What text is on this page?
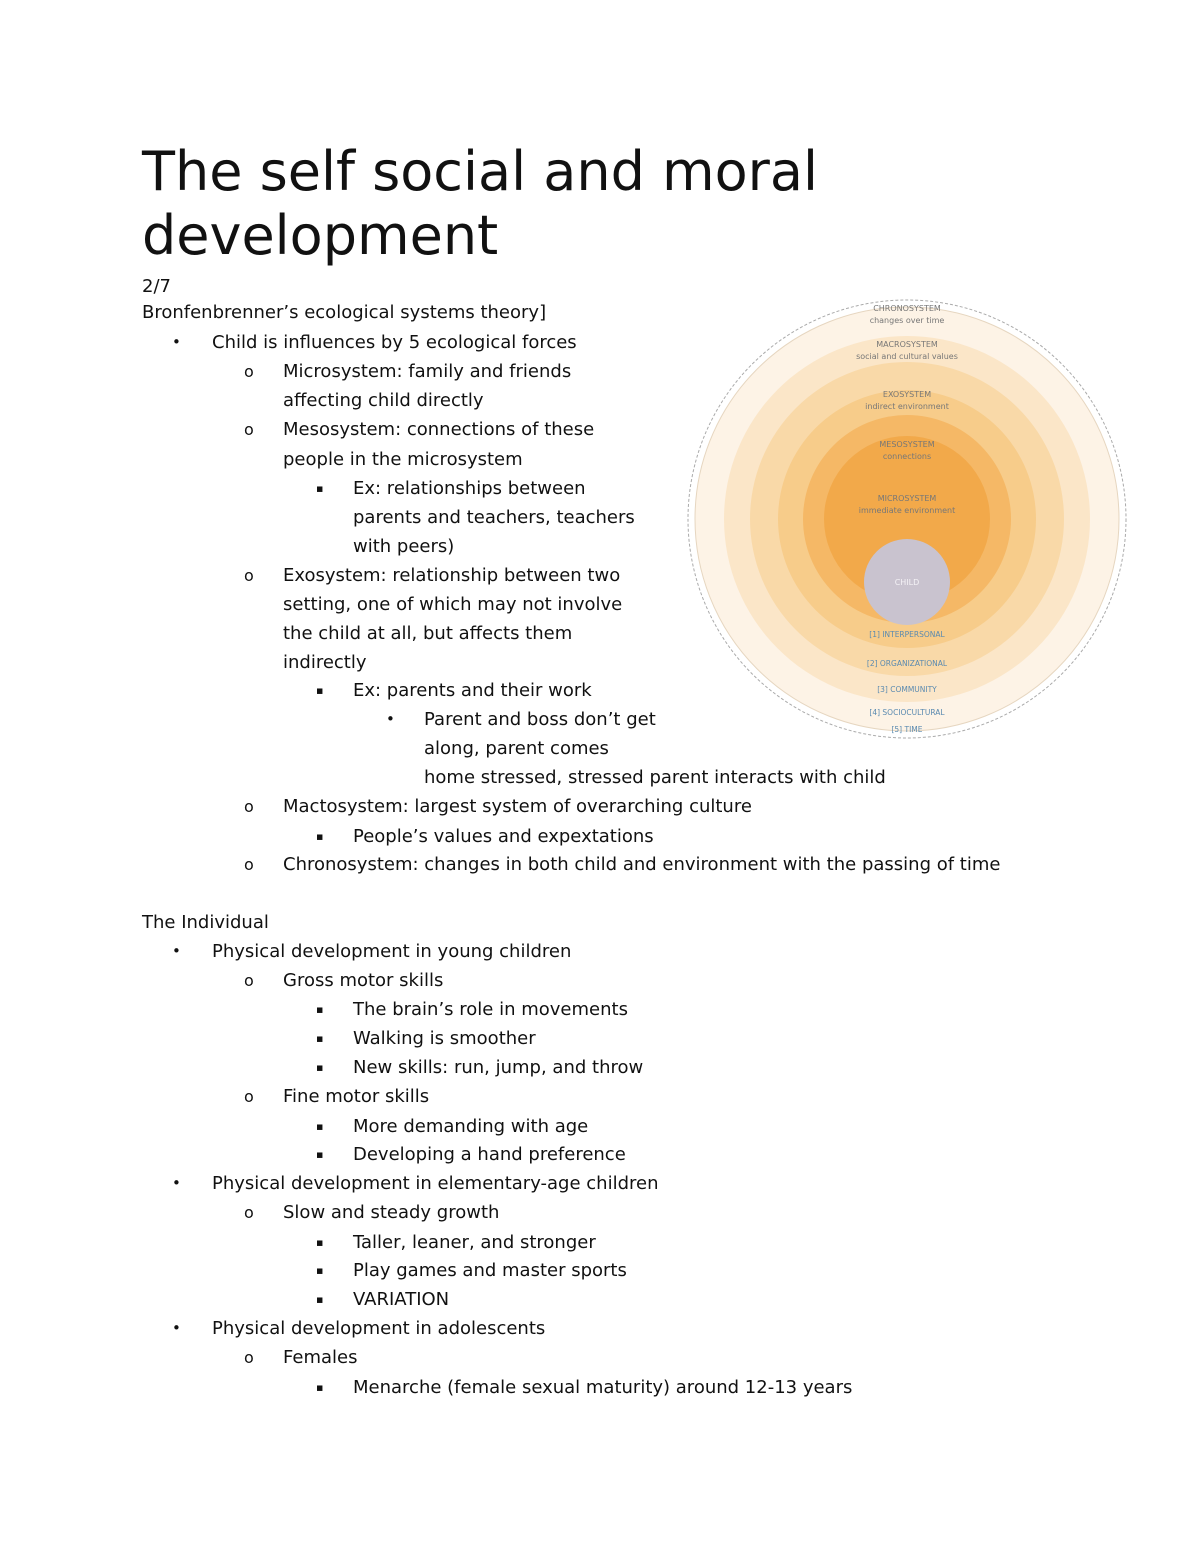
The self social and moral development
2/7
Bronfenbrenner’s ecological systems theory]
• Child is influences by 5 ecological forces
o Microsystem: family and friends
affecting child directly
o Mesosystem: connections of these
people in the microsystem
▪ Ex: relationships between
parents and teachers, teachers
with peers)
o Exosystem: relationship between two
setting, one of which may not involve
the child at all, but affects them
indirectly
▪ Ex: parents and their work
• Parent and boss don’t get
along, parent comes
home stressed, stressed parent interacts with child
o Mactosystem: largest system of overarching culture
▪ People’s values and expextations
o Chronosystem: changes in both child and environment with the passing of time
The Individual
• Physical development in young children
o Gross motor skills
▪ The brain’s role in movements
▪ Walking is smoother
▪ New skills: run, jump, and throw
o Fine motor skills
▪ More demanding with age
▪ Developing a hand preference
• Physical development in elementary-age children
o Slow and steady growth
▪ Taller, leaner, and stronger
▪ Play games and master sports
▪ VARIATION
• Physical development in adolescents
o Females
▪ Menarche (female sexual maturity) around 12-13 years
CHRONOSYSTEM
changes over time
MACROSYSTEM
social and cultural values
EXOSYSTEM
indirect environment
MESOSYSTEM
connections
MICROSYSTEM
immediate environment
CHILD
[1] INTERPERSONAL
[2] ORGANIZATIONAL
[3] COMMUNITY
[4] SOCIOCULTURAL
[5] TIME
